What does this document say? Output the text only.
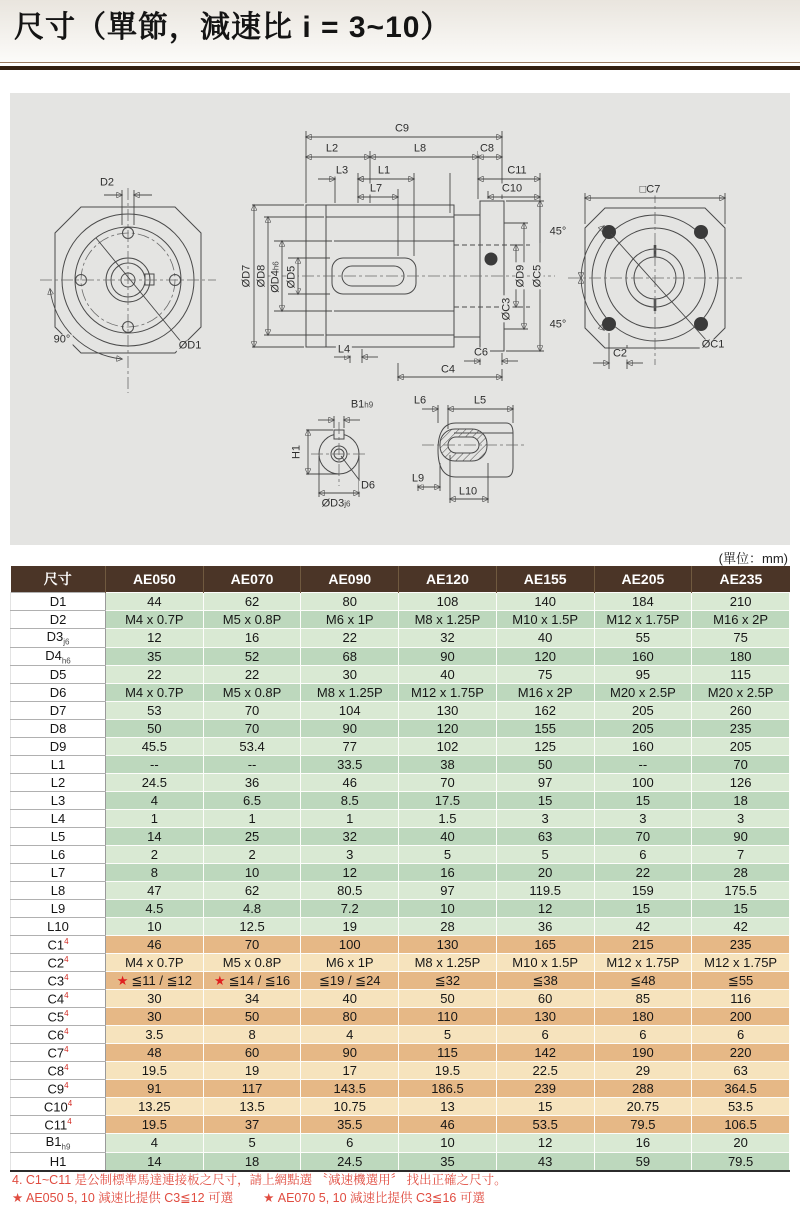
尺寸（單節，減速比 i = 3~10）
D2
ØD1
90°
C9
L2	L8	C8
L3	L1	C11
L7	C10
ØD7 ØD8 ØD4h6 ØD5	ØD9 ØC5
ØC3
L4	C6
C4
□C7
45°
45°
ØC1
C2
B1h9
H1
D6
ØD3j6
L6	L5
L9
L10
(單位：mm)
尺寸	AE050	AE070	AE090	AE120	AE155	AE205	AE235
D1	44	62	80	108	140	184	210
D2	M4 x 0.7P	M5 x 0.8P	M6 x 1P	M8 x 1.25P	M10 x 1.5P	M12 x 1.75P	M16 x 2P
$D3_{j6}$	12	16	22	32	40	55	75
$D4_{h6}$	35	52	68	90	120	160	180
D5	22	22	30	40	75	95	115
D6	M4 x 0.7P	M5 x 0.8P	M8 x 1.25P	M12 x 1.75P	M16 x 2P	M20 x 2.5P	M20 x 2.5P
D7	53	70	104	130	162	205	260
D8	50	70	90	120	155	205	235
D9	45.5	53.4	77	102	125	160	205
L1	--	--	33.5	38	50	--	70
L2	24.5	36	46	70	97	100	126
L3	4	6.5	8.5	17.5	15	15	18
L4	1	1	1	1.5	3	3	3
L5	14	25	32	40	63	70	90
L6	2	2	3	5	5	6	7
L7	8	10	12	16	20	22	28
L8	47	62	80.5	97	119.5	159	175.5
L9	4.5	4.8	7.2	10	12	15	15
L10	10	12.5	19	28	36	42	42
$C1^4$	46	70	100	130	165	215	235
$C2^4$	M4 x 0.7P	M5 x 0.8P	M6 x 1P	M8 x 1.25P	M10 x 1.5P	M12 x 1.75P	M12 x 1.75P
$C3^4$	★ ≦11 / ≦12	★ ≦14 / ≦16	≦19 / ≦24	≦32	≦38	≦48	≦55
$C4^4$	30	34	40	50	60	85	116
$C5^4$	30	50	80	110	130	180	200
$C6^4$	3.5	8	4	5	6	6	6
$C7^4$	48	60	90	115	142	190	220
$C8^4$	19.5	19	17	19.5	22.5	29	63
$C9^4$	91	117	143.5	186.5	239	288	364.5
$C10^4$	13.25	13.5	10.75	13	15	20.75	53.5
$C11^4$	19.5	37	35.5	46	53.5	79.5	106.5
$B1_{h9}$	4	5	6	10	12	16	20
H1	14	18	24.5	35	43	59	79.5
4. C1~C11 是公制標準馬達連接板之尺寸，請上網點選 〝減速機選用〞 找出正確之尺寸。
★ AE050 5, 10 減速比提供 C3≦12 可選 ★ AE070 5, 10 減速比提供 C3≦16 可選
